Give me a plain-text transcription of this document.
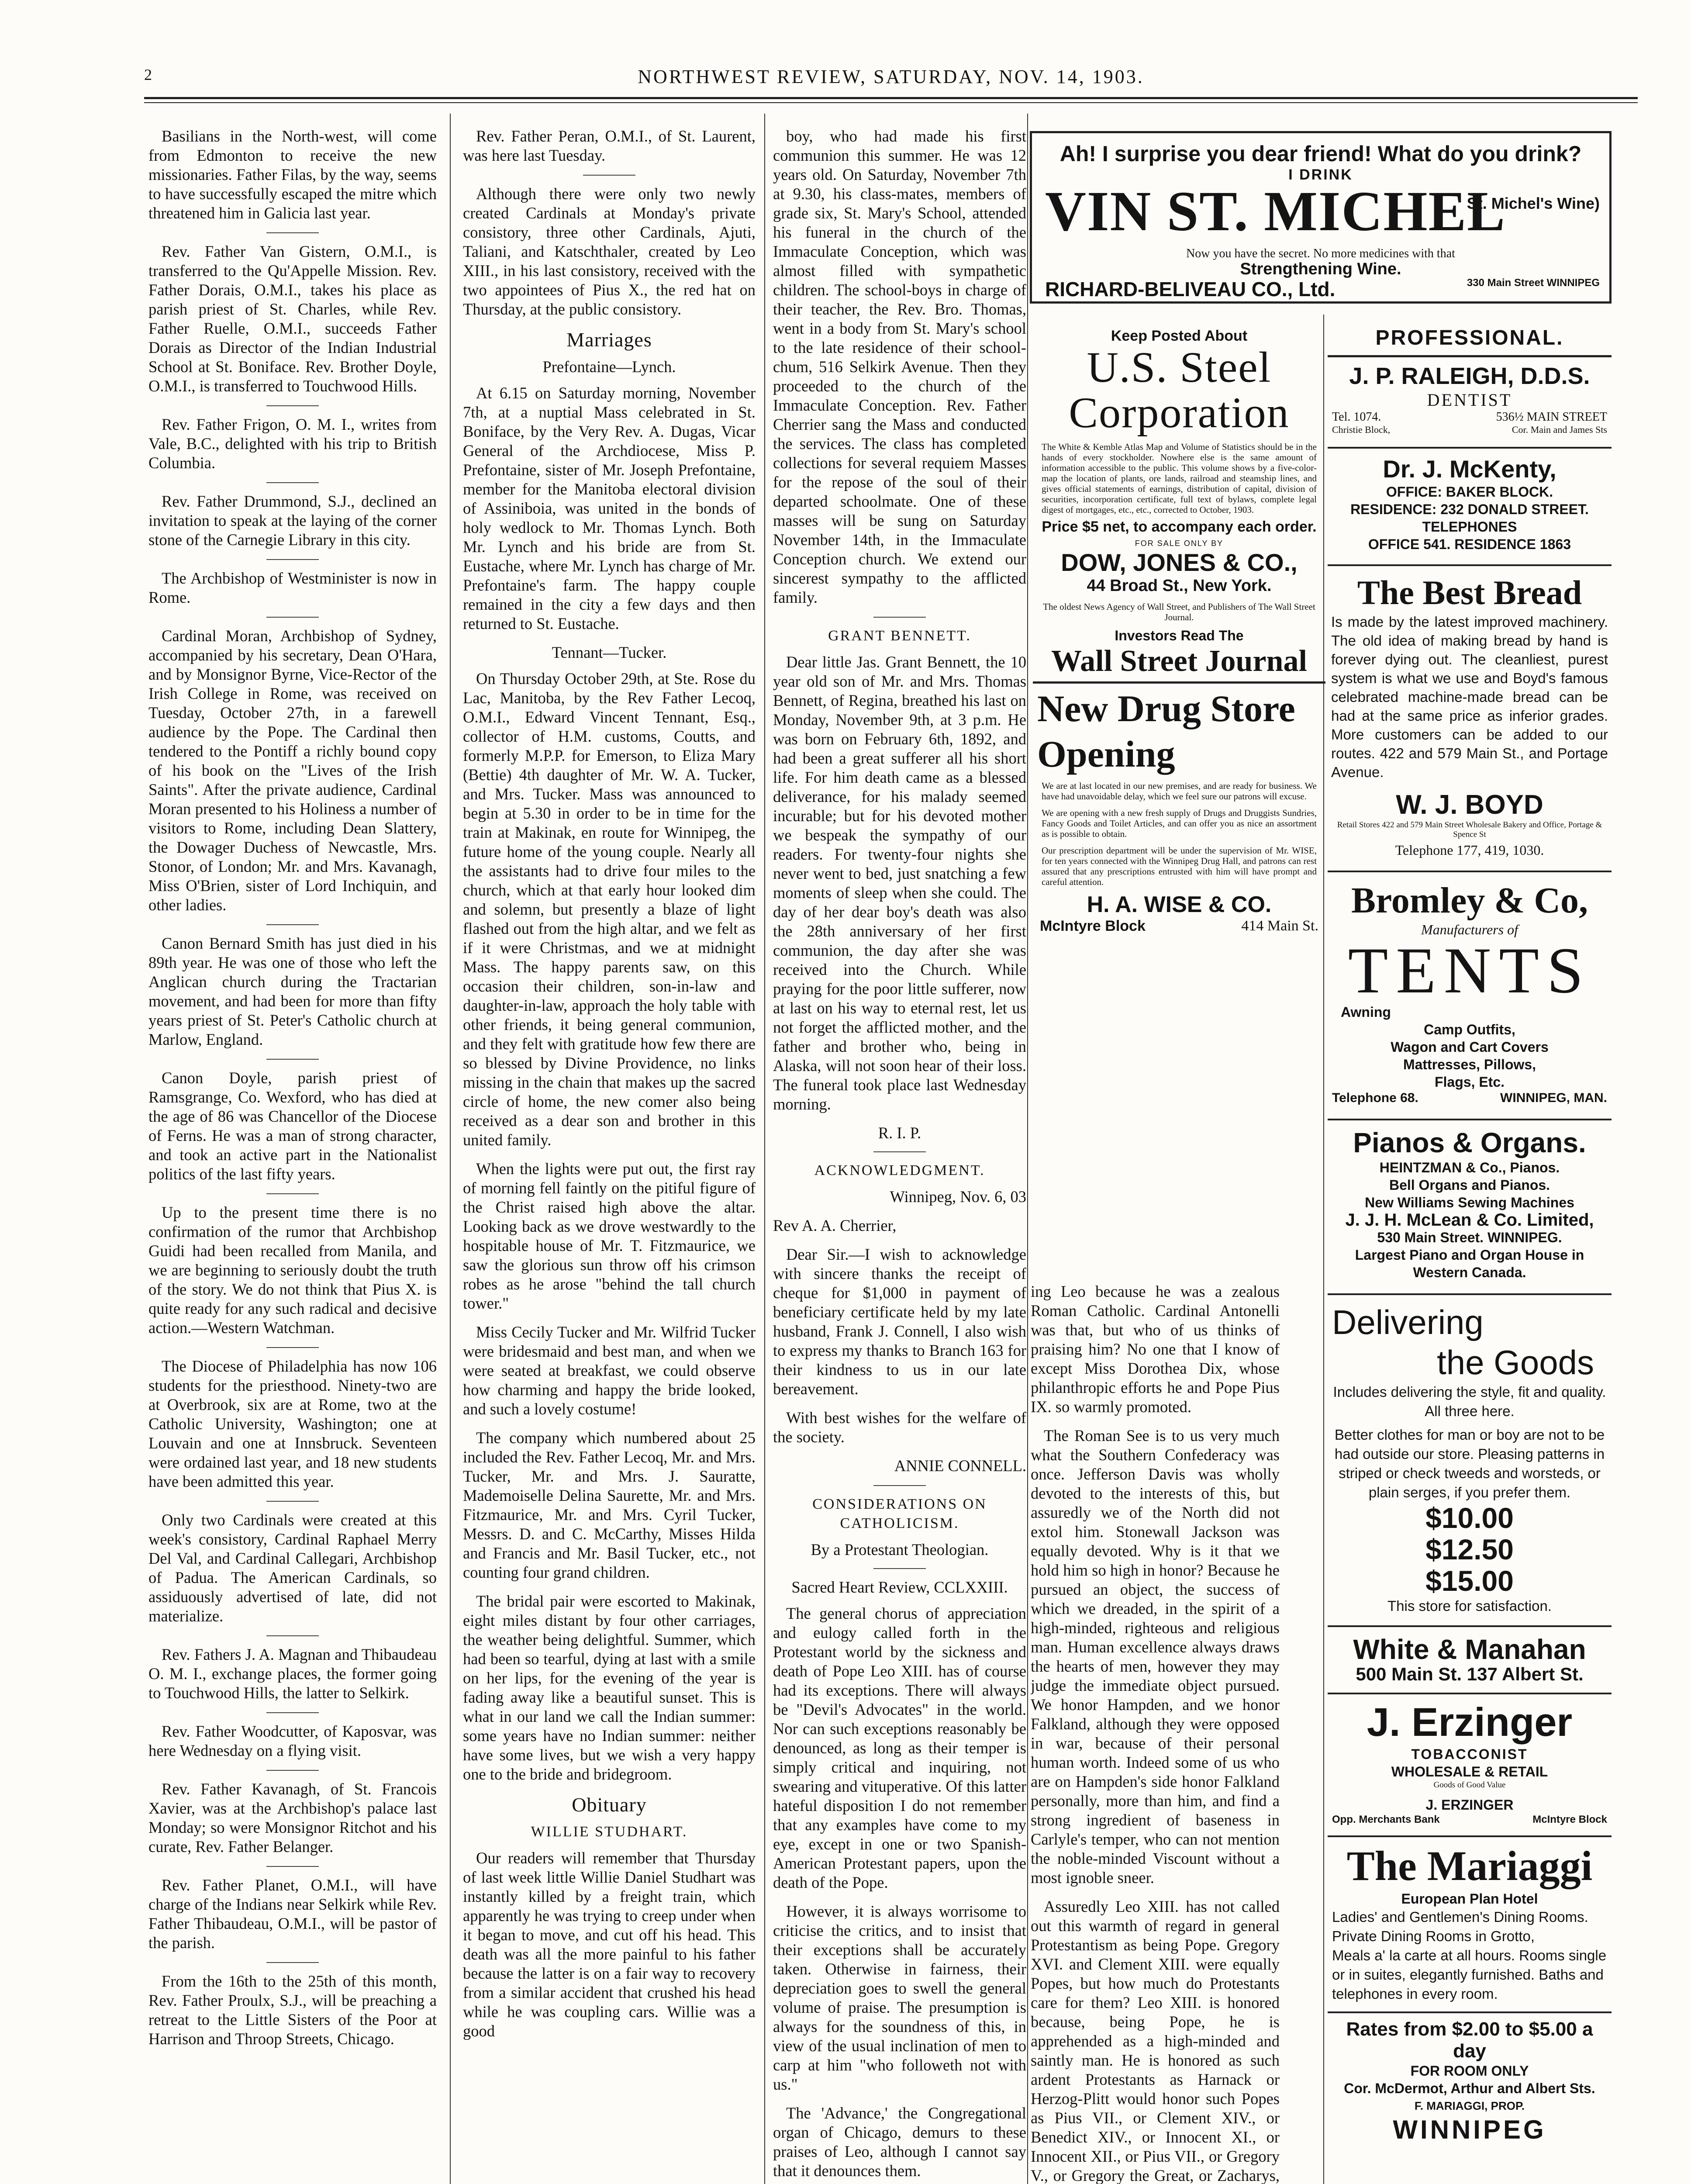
2	NORTHWEST REVIEW, SATURDAY, NOV. 14, 1903.

Basilians in the North-west, will come from Edmonton to receive the new missionaries. Father Filas, by the way, seems to have successfully escaped the mitre which threatened him in Galicia last year.

Rev. Father Van Gistern, O.M.I., is transferred to the Qu'Appelle Mission. Rev. Father Dorais, O.M.I., takes his place as parish priest of St. Charles, while Rev. Father Ruelle, O.M.I., succeeds Father Dorais as Director of the Indian Industrial School at St. Boniface. Rev. Brother Doyle, O.M.I., is transferred to Touchwood Hills.

Rev. Father Frigon, O. M. I., writes from Vale, B.C., delighted with his trip to British Columbia.

Rev. Father Drummond, S.J., declined an invitation to speak at the laying of the corner stone of the Carnegie Library in this city.

The Archbishop of Westminister is now in Rome.

Cardinal Moran, Archbishop of Sydney, accompanied by his secretary, Dean O'Hara, and by Monsignor Byrne, Vice-Rector of the Irish College in Rome, was received on Tuesday, October 27th, in a farewell audience by the Pope. The Cardinal then tendered to the Pontiff a richly bound copy of his book on the "Lives of the Irish Saints". After the private audience, Cardinal Moran presented to his Holiness a number of visitors to Rome, including Dean Slattery, the Dowager Duchess of Newcastle, Mrs. Stonor, of London; Mr. and Mrs. Kavanagh, Miss O'Brien, sister of Lord Inchiquin, and other ladies.

Canon Bernard Smith has just died in his 89th year. He was one of those who left the Anglican church during the Tractarian movement, and had been for more than fifty years priest of St. Peter's Catholic church at Marlow, England.

Canon Doyle, parish priest of Ramsgrange, Co. Wexford, who has died at the age of 86 was Chancellor of the Diocese of Ferns. He was a man of strong character, and took an active part in the Nationalist politics of the last fifty years.

Up to the present time there is no confirmation of the rumor that Archbishop Guidi had been recalled from Manila, and we are beginning to seriously doubt the truth of the story. We do not think that Pius X. is quite ready for any such radical and decisive action.—Western Watchman.

The Diocese of Philadelphia has now 106 students for the priesthood. Ninety-two are at Overbrook, six are at Rome, two at the Catholic University, Washington; one at Louvain and one at Innsbruck. Seventeen were ordained last year, and 18 new students have been admitted this year.

Only two Cardinals were created at this week's consistory, Cardinal Raphael Merry Del Val, and Cardinal Callegari, Archbishop of Padua. The American Cardinals, so assiduously advertised of late, did not materialize.

Rev. Fathers J. A. Magnan and Thibaudeau O. M. I., exchange places, the former going to Touchwood Hills, the latter to Selkirk.

Rev. Father Woodcutter, of Kaposvar, was here Wednesday on a flying visit.

Rev. Father Kavanagh, of St. Francois Xavier, was at the Archbishop's palace last Monday; so were Monsignor Ritchot and his curate, Rev. Father Belanger.

Rev. Father Planet, O.M.I., will have charge of the Indians near Selkirk while Rev. Father Thibaudeau, O.M.I., will be pastor of the parish.

From the 16th to the 25th of this month, Rev. Father Proulx, S.J., will be preaching a retreat to the Little Sisters of the Poor at Harrison and Throop Streets, Chicago.

Rev. Father Peran, O.M.I., of St. Laurent, was here last Tuesday.

Although there were only two newly created Cardinals at Monday's private consistory, three other Cardinals, Ajuti, Taliani, and Katschthaler, created by Leo XIII., in his last consistory, received with the two appointees of Pius X., the red hat on Thursday, at the public consistory.

Marriages
Prefontaine—Lynch.

At 6.15 on Saturday morning, November 7th, at a nuptial Mass celebrated in St. Boniface, by the Very Rev. A. Dugas, Vicar General of the Archdiocese, Miss P. Prefontaine, sister of Mr. Joseph Prefontaine, member for the Manitoba electoral division of Assiniboia, was united in the bonds of holy wedlock to Mr. Thomas Lynch. Both Mr. Lynch and his bride are from St. Eustache, where Mr. Lynch has charge of Mr. Prefontaine's farm. The happy couple remained in the city a few days and then returned to St. Eustache.

Tennant—Tucker.

On Thursday October 29th, at Ste. Rose du Lac, Manitoba, by the Rev Father Lecoq, O.M.I., Edward Vincent Tennant, Esq., collector of H.M. customs, Coutts, and formerly M.P.P. for Emerson, to Eliza Mary (Bettie) 4th daughter of Mr. W. A. Tucker, and Mrs. Tucker. Mass was announced to begin at 5.30 in order to be in time for the train at Makinak, en route for Winnipeg, the future home of the young couple. Nearly all the assistants had to drive four miles to the church, which at that early hour looked dim and solemn, but presently a blaze of light flashed out from the high altar, and we felt as if it were Christmas, and we at midnight Mass. The happy parents saw, on this occasion their children, son-in-law and daughter-in-law, approach the holy table with other friends, it being general communion, and they felt with gratitude how few there are so blessed by Divine Providence, no links missing in the chain that makes up the sacred circle of home, the new comer also being received as a dear son and brother in this united family.

When the lights were put out, the first ray of morning fell faintly on the pitiful figure of the Christ raised high above the altar. Looking back as we drove westwardly to the hospitable house of Mr. T. Fitzmaurice, we saw the glorious sun throw off his crimson robes as he arose "behind the tall church tower."

Miss Cecily Tucker and Mr. Wilfrid Tucker were bridesmaid and best man, and when we were seated at breakfast, we could observe how charming and happy the bride looked, and such a lovely costume!

The company which numbered about 25 included the Rev. Father Lecoq, Mr. and Mrs. Tucker, Mr. and Mrs. J. Sauratte, Mademoiselle Delina Saurette, Mr. and Mrs. Fitzmaurice, Mr. and Mrs. Cyril Tucker, Messrs. D. and C. McCarthy, Misses Hilda and Francis and Mr. Basil Tucker, etc., not counting four grand children.

The bridal pair were escorted to Makinak, eight miles distant by four other carriages, the weather being delightful. Summer, which had been so tearful, dying at last with a smile on her lips, for the evening of the year is fading away like a beautiful sunset. This is what in our land we call the Indian summer: some years have no Indian summer: neither have some lives, but we wish a very happy one to the bride and bridegroom.

Obituary
WILLIE STUDHART.

Our readers will remember that Thursday of last week little Willie Daniel Studhart was instantly killed by a freight train, which apparently he was trying to creep under when it began to move, and cut off his head. This death was all the more painful to his father because the latter is on a fair way to recovery from a similar accident that crushed his head while he was coupling cars. Willie was a good

boy, who had made his first communion this summer. He was 12 years old. On Saturday, November 7th at 9.30, his class-mates, members of grade six, St. Mary's School, attended his funeral in the church of the Immaculate Conception, which was almost filled with sympathetic children. The school-boys in charge of their teacher, the Rev. Bro. Thomas, went in a body from St. Mary's school to the late residence of their school-chum, 516 Selkirk Avenue. Then they proceeded to the church of the Immaculate Conception. Rev. Father Cherrier sang the Mass and conducted the services. The class has completed collections for several requiem Masses for the repose of the soul of their departed schoolmate. One of these masses will be sung on Saturday November 14th, in the Immaculate Conception church. We extend our sincerest sympathy to the afflicted family.

GRANT BENNETT.

Dear little Jas. Grant Bennett, the 10 year old son of Mr. and Mrs. Thomas Bennett, of Regina, breathed his last on Monday, November 9th, at 3 p.m. He was born on February 6th, 1892, and had been a great sufferer all his short life. For him death came as a blessed deliverance, for his malady seemed incurable; but for his devoted mother we bespeak the sympathy of our readers. For twenty-four nights she never went to bed, just snatching a few moments of sleep when she could. The day of her dear boy's death was also the 28th anniversary of her first communion, the day after she was received into the Church. While praying for the poor little sufferer, now at last on his way to eternal rest, let us not forget the afflicted mother, and the father and brother who, being in Alaska, will not soon hear of their loss. The funeral took place last Wednesday morning.

R. I. P.
ACKNOWLEDGMENT.

Winnipeg, Nov. 6, 03

Rev A. A. Cherrier,

Dear Sir.—I wish to acknowledge with sincere thanks the receipt of cheque for $1,000 in payment of beneficiary certificate held by my late husband, Frank J. Connell, I also wish to express my thanks to Branch 163 for their kindness to us in our late bereavement.

With best wishes for the welfare of the society.

ANNIE CONNELL.

CONSIDERATIONS ON CATHOLICISM.
By a Protestant Theologian.
Sacred Heart Review, CCLXXIII.

The general chorus of appreciation and eulogy called forth in the Protestant world by the sickness and death of Pope Leo XIII. has of course had its exceptions. There will always be "Devil's Advocates" in the world. Nor can such exceptions reasonably be denounced, as long as their temper is simply critical and inquiring, not swearing and vituperative. Of this latter hateful disposition I do not remember that any examples have come to my eye, except in one or two Spanish-American Protestant papers, upon the death of the Pope.

However, it is always worrisome to criticise the critics, and to insist that their exceptions shall be accurately taken. Otherwise in fairness, their depreciation goes to swell the general volume of praise. The presumption is always for the soundness of this, in view of the usual inclination of men to carp at him "who followeth not with us."

The 'Advance,' the Congregational organ of Chicago, demurs to these praises of Leo, although I cannot say that it denounces them.

ing Leo because he was a zealous Roman Catholic. Cardinal Antonelli was that, but who of us thinks of praising him? No one that I know of except Miss Dorothea Dix, whose philanthropic efforts he and Pope Pius IX. so warmly promoted.

The Roman See is to us very much what the Southern Confederacy was once. Jefferson Davis was wholly devoted to the interests of this, but assuredly we of the North did not extol him. Stonewall Jackson was equally devoted. Why is it that we hold him so high in honor? Because he pursued an object, the success of which we dreaded, in the spirit of a high-minded, righteous and religious man. Human excellence always draws the hearts of men, however they may judge the immediate object pursued. We honor Hampden, and we honor Falkland, although they were opposed in war, because of their personal human worth. Indeed some of us who are on Hampden's side honor Falkland personally, more than him, and find a strong ingredient of baseness in Carlyle's temper, who can not mention the noble-minded Viscount without a most ignoble sneer.

Assuredly Leo XIII. has not called out this warmth of regard in general Protestantism as being Pope. Gregory XVI. and Clement XIII. were equally Popes, but how much do Protestants care for them? Leo XIII. is honored because, being Pope, he is apprehended as a high-minded and saintly man. He is honored as such ardent Protestants as Harnack or Herzog-Plitt would honor such Popes as Pius VII., or Clement XIV., or Benedict XIV., or Innocent XI., or Innocent XII., or Pius VII., or Gregory V., or Gregory the Great, or Zacharys,

Ah! I surprise you dear friend! What do you drink?
I DRINK
VIN ST. MICHEL
St. Michel's Wine)
Now you have the secret. No more medicines with that
Strengthening Wine.
RICHARD-BELIVEAU CO., Ltd.	330 Main Street WINNIPEG
Keep Posted About
U.S. Steel
Corporation
The White & Kemble Atlas Map and Volume of Statistics should be in the hands of every stockholder. Nowhere else is the same amount of information accessible to the public. This volume shows by a five-color-map the location of plants, ore lands, railroad and steamship lines, and gives official statements of earnings, distribution of capital, division of securities, incorporation certificate, full text of bylaws, complete legal digest of mortgages, etc., etc., corrected to October, 1903.
Price $5 net, to accompany each order.
FOR SALE ONLY BY
DOW, JONES & CO.,
44 Broad St., New York.
The oldest News Agency of Wall Street, and Publishers of The Wall Street Journal.
Investors Read The
Wall Street Journal
New Drug Store
Opening
We are at last located in our new premises, and are ready for business. We have had unavoidable delay, which we feel sure our patrons will excuse.
We are opening with a new fresh supply of Drugs and Druggists Sundries, Fancy Goods and Toilet Articles, and can offer you as nice an assortment as is possible to obtain.
Our prescription department will be under the supervision of Mr. WISE, for ten years connected with the Winnipeg Drug Hall, and patrons can rest assured that any prescriptions entrusted with him will have prompt and careful attention.
H. A. WISE & CO.
414 Main St.
McIntyre Block
PROFESSIONAL.
J. P. RALEIGH, D.D.S.
DENTIST
Tel. 1074.	536½ MAIN STREET
Christie Block,	Cor. Main and James Sts
Dr. J. McKenty,
OFFICE: BAKER BLOCK.
RESIDENCE: 232 DONALD STREET.
TELEPHONES
OFFICE 541. RESIDENCE 1863
The Best Bread
Is made by the latest improved machinery. The old idea of making bread by hand is forever dying out. The cleanliest, purest system is what we use and Boyd's famous celebrated machine-made bread can be had at the same price as inferior grades. More customers can be added to our routes. 422 and 579 Main St., and Portage Avenue.
W. J. BOYD
Retail Stores 422 and 579 Main Street Wholesale Bakery and Office, Portage & Spence St
Telephone 177, 419, 1030.
Bromley & Co,
Manufacturers of
TENTS
Awning
Camp Outfits,
Wagon and Cart Covers
Mattresses, Pillows,
Flags, Etc.
Telephone 68.	WINNIPEG, MAN.
Pianos & Organs.
HEINTZMAN & Co., Pianos.
Bell Organs and Pianos.
New Williams Sewing Machines
J. J. H. McLean & Co. Limited,
530 Main Street. WINNIPEG.
Largest Piano and Organ House in Western Canada.
Delivering
the Goods
Includes delivering the style, fit and quality. All three here.
Better clothes for man or boy are not to be had outside our store. Pleasing patterns in striped or check tweeds and worsteds, or plain serges, if you prefer them.
$10.00
$12.50
$15.00
This store for satisfaction.
White & Manahan
500 Main St. 137 Albert St.
J. Erzinger
TOBACCONIST
WHOLESALE & RETAIL
Goods of Good Value
J. ERZINGER
Opp. Merchants Bank	McIntyre Block
The Mariaggi
European Plan Hotel
Ladies' and Gentlemen's Dining Rooms. Private Dining Rooms in Grotto,
Meals a' la carte at all hours. Rooms single or in suites, elegantly furnished. Baths and telephones in every room.
Rates from $2.00 to $5.00 a day
FOR ROOM ONLY
Cor. McDermot, Arthur and Albert Sts.
F. MARIAGGI, PROP.
WINNIPEG
